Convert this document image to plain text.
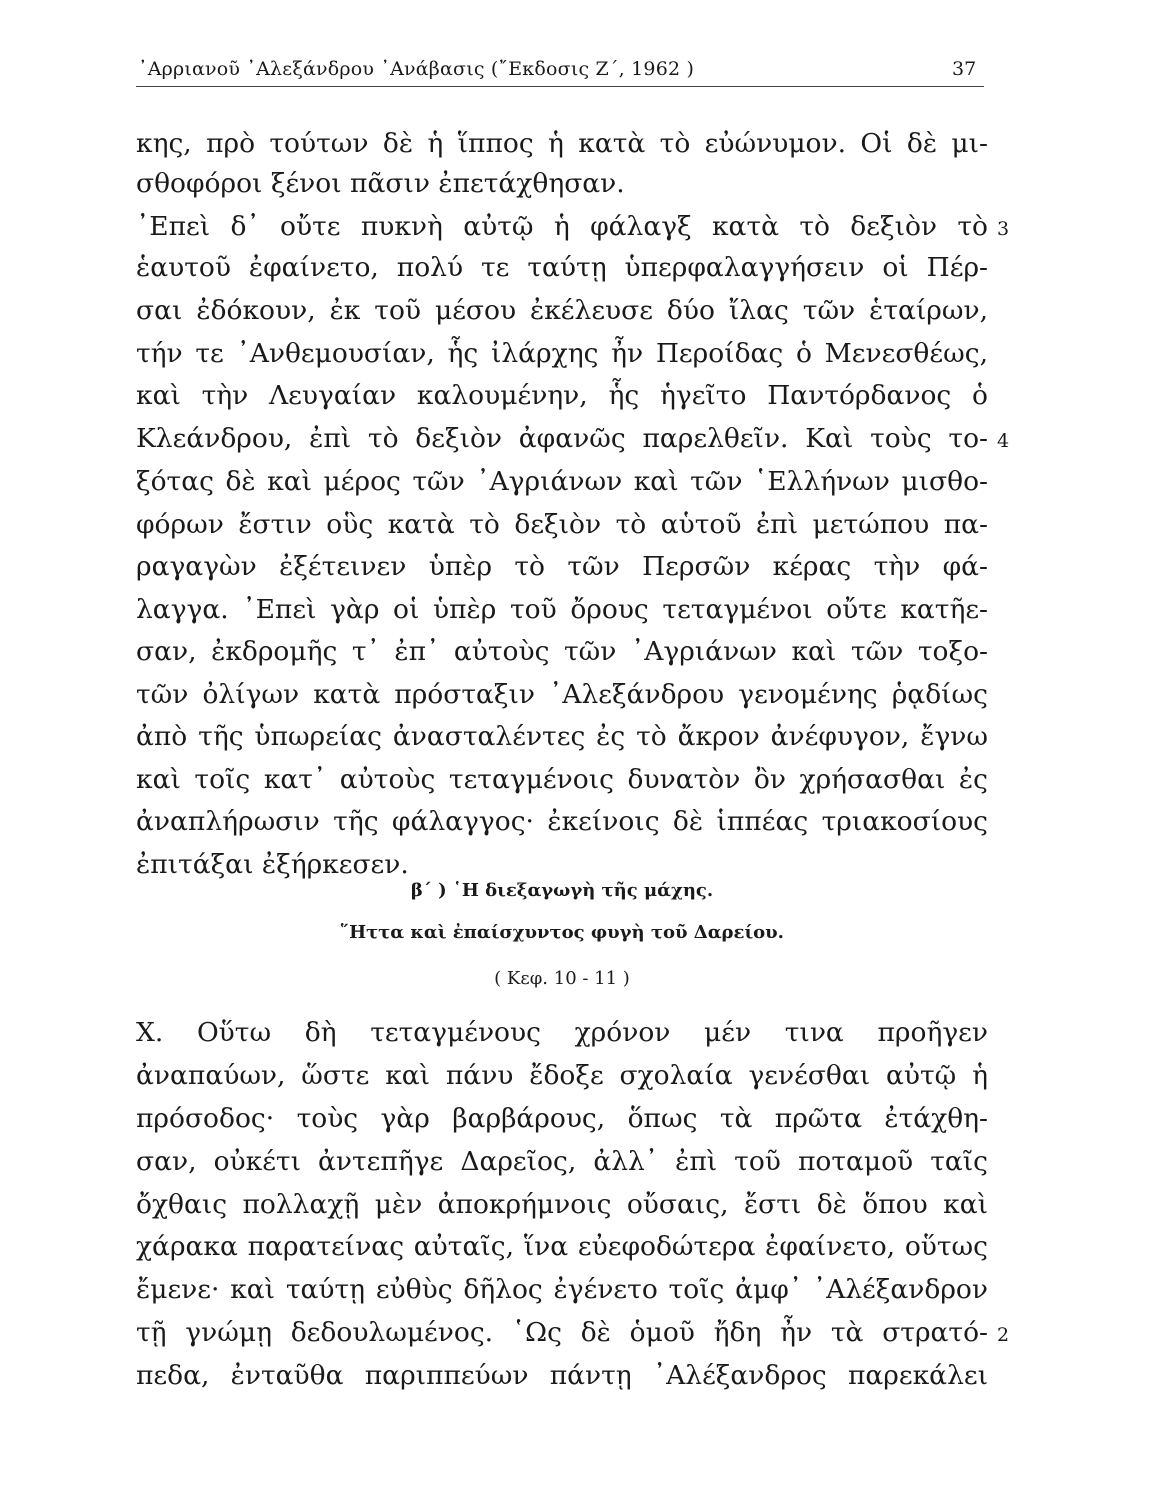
᾿Αρριανοῦ ᾿Αλεξάνδρου ᾿Ανάβασις (῎Εκδοσις Ζ΄, 1962 )	37
κης, πρὸ τούτων δὲ ἡ ἵππος ἡ κατὰ τὸ εὐώνυμον. Οἱ δὲ μι-
σθοφόροι ξένοι πᾶσιν ἐπετάχθησαν.
᾿Επεὶ δ᾿ οὔτε πυκνὴ αὐτῷ ἡ φάλαγξ κατὰ τὸ δεξιὸν τὸ 3
ἑαυτοῦ ἐφαίνετο, πολύ τε ταύτῃ ὑπερφαλαγγήσειν οἱ Πέρ-
σαι ἐδόκουν, ἐκ τοῦ μέσου ἐκέλευσε δύο ἴλας τῶν ἑταίρων,
τήν τε ᾿Ανθεμουσίαν, ἧς ἰλάρχης ἦν Περοίδας ὁ Μενεσθέως,
καὶ τὴν Λευγαίαν καλουμένην, ἧς ἡγεῖτο Παντόρδανος ὁ
Κλεάνδρου, ἐπὶ τὸ δεξιὸν ἀφανῶς παρελθεῖν. Καὶ τοὺς το- 4
ξότας δὲ καὶ μέρος τῶν ᾿Αγριάνων καὶ τῶν ῾Ελλήνων μισθο-
φόρων ἔστιν οὓς κατὰ τὸ δεξιὸν τὸ αὑτοῦ ἐπὶ μετώπου πα-
ραγαγὼν ἐξέτεινεν ὑπὲρ τὸ τῶν Περσῶν κέρας τὴν φά-
λαγγα. ᾿Επεὶ γὰρ οἱ ὑπὲρ τοῦ ὄρους τεταγμένοι οὔτε κατῆε-
σαν, ἐκδρομῆς τ᾿ ἐπ᾿ αὐτοὺς τῶν ᾿Αγριάνων καὶ τῶν τοξο-
τῶν ὀλίγων κατὰ πρόσταξιν ᾿Αλεξάνδρου γενομένης ῥᾳδίως
ἀπὸ τῆς ὑπωρείας ἀνασταλέντες ἐς τὸ ἄκρον ἀνέφυγον, ἔγνω
καὶ τοῖς κατ᾿ αὐτοὺς τεταγμένοις δυνατὸν ὂν χρήσασθαι ἐς
ἀναπλήρωσιν τῆς φάλαγγος· ἐκείνοις δὲ ἱππέας τριακοσίους
ἐπιτάξαι ἐξήρκεσεν.
β΄ ) ῾Η διεξαγωγὴ τῆς μάχης.
῞Ηττα καὶ ἐπαίσχυντος φυγὴ τοῦ Δαρείου.
( Κεφ. 10 - 11 )
Χ. Οὕτω δὴ τεταγμένους χρόνον μέν τινα προῆγεν
ἀναπαύων, ὥστε καὶ πάνυ ἔδοξε σχολαία γενέσθαι αὐτῷ ἡ
πρόσοδος· τοὺς γὰρ βαρβάρους, ὅπως τὰ πρῶτα ἐτάχθη-
σαν, οὐκέτι ἀντεπῆγε Δαρεῖος, ἀλλ᾿ ἐπὶ τοῦ ποταμοῦ ταῖς
ὄχθαις πολλαχῇ μὲν ἀποκρήμνοις οὔσαις, ἔστι δὲ ὅπου καὶ
χάρακα παρατείνας αὐταῖς, ἵνα εὐεφοδώτερα ἐφαίνετο, οὕτως
ἔμενε· καὶ ταύτῃ εὐθὺς δῆλος ἐγένετο τοῖς ἀμφ᾿ ᾿Αλέξανδρον
τῇ γνώμῃ δεδουλωμένος. ῾Ως δὲ ὁμοῦ ἤδη ἦν τὰ στρατό- 2
πεδα, ἐνταῦθα παριππεύων πάντῃ ᾿Αλέξανδρος παρεκάλει
